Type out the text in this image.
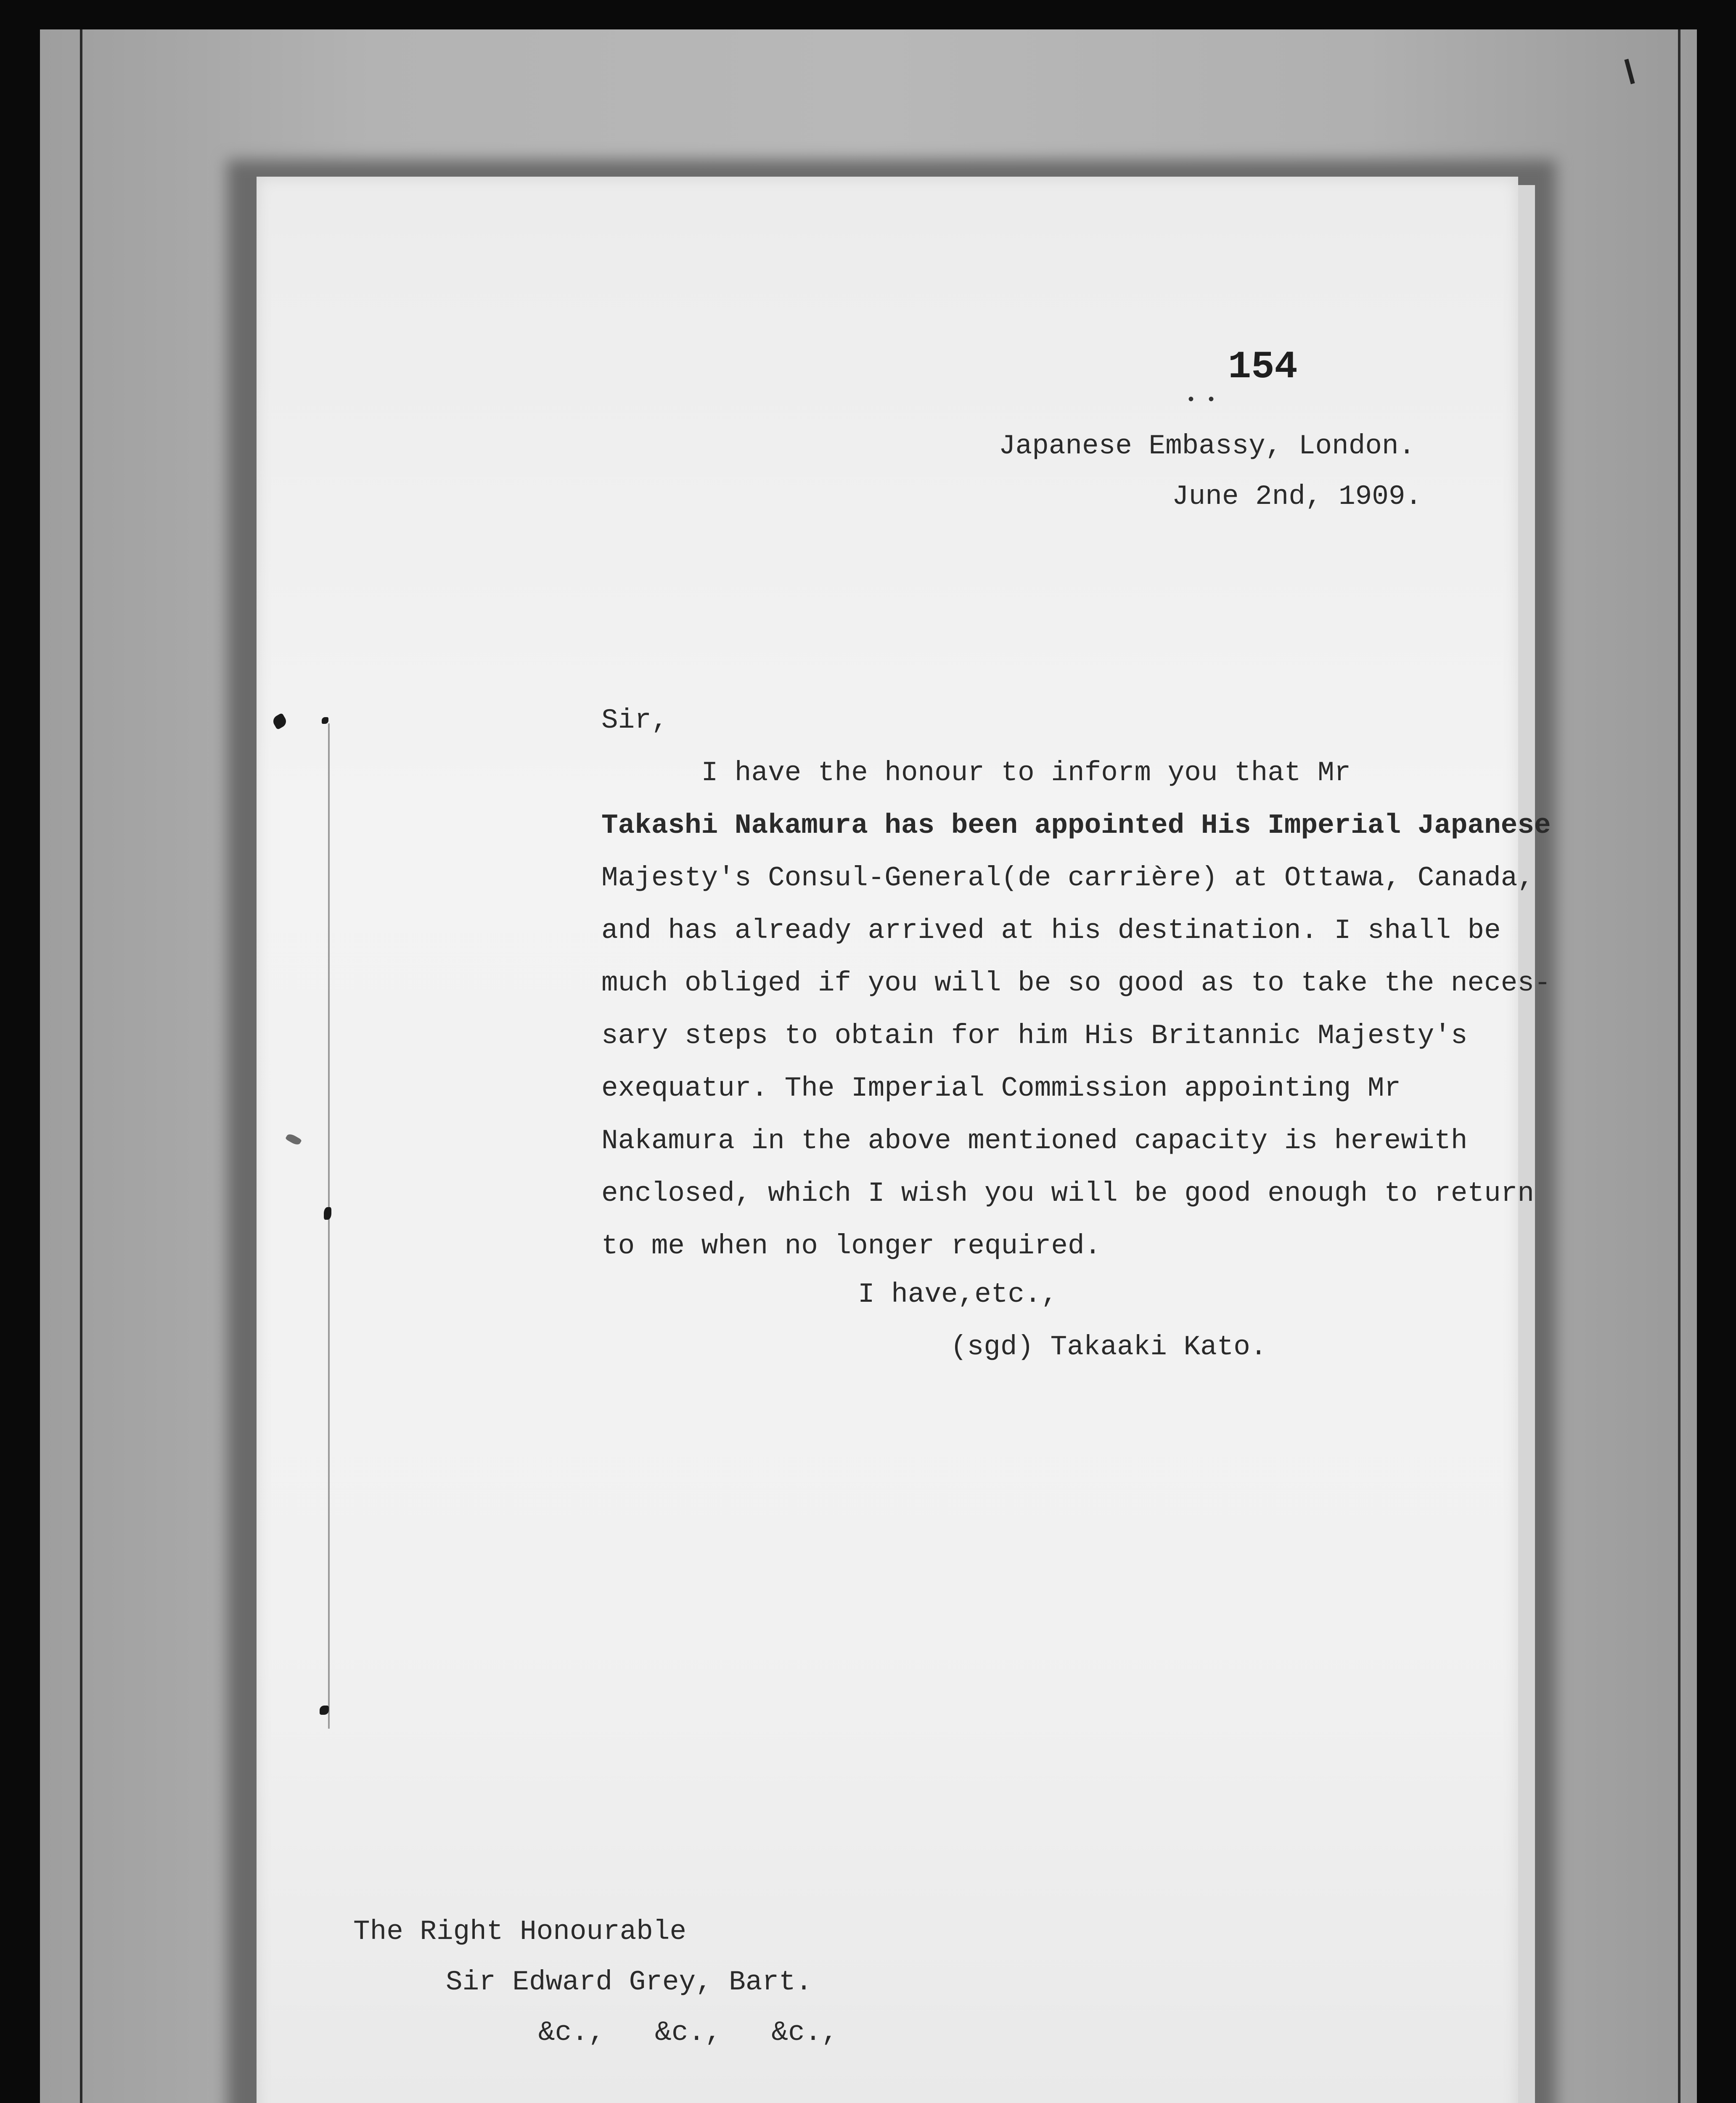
• •
154
Japanese Embassy, London.
June 2nd, 1909.
Sir,
I have the honour to inform you that Mr
Takashi Nakamura has been appointed His Imperial Japanese
Majesty's Consul-General(de carrière) at Ottawa, Canada,
and has already arrived at his destination. I shall be
much obliged if you will be so good as to take the neces-
sary steps to obtain for him His Britannic Majesty's
exequatur. The Imperial Commission appointing Mr
Nakamura in the above mentioned capacity is herewith
enclosed, which I wish you will be good enough to return
to me when no longer required.
I have,etc.,
(sgd) Takaaki Kato.
The Right Honourable
Sir Edward Grey, Bart.
&c.,   &c.,   &c.,
